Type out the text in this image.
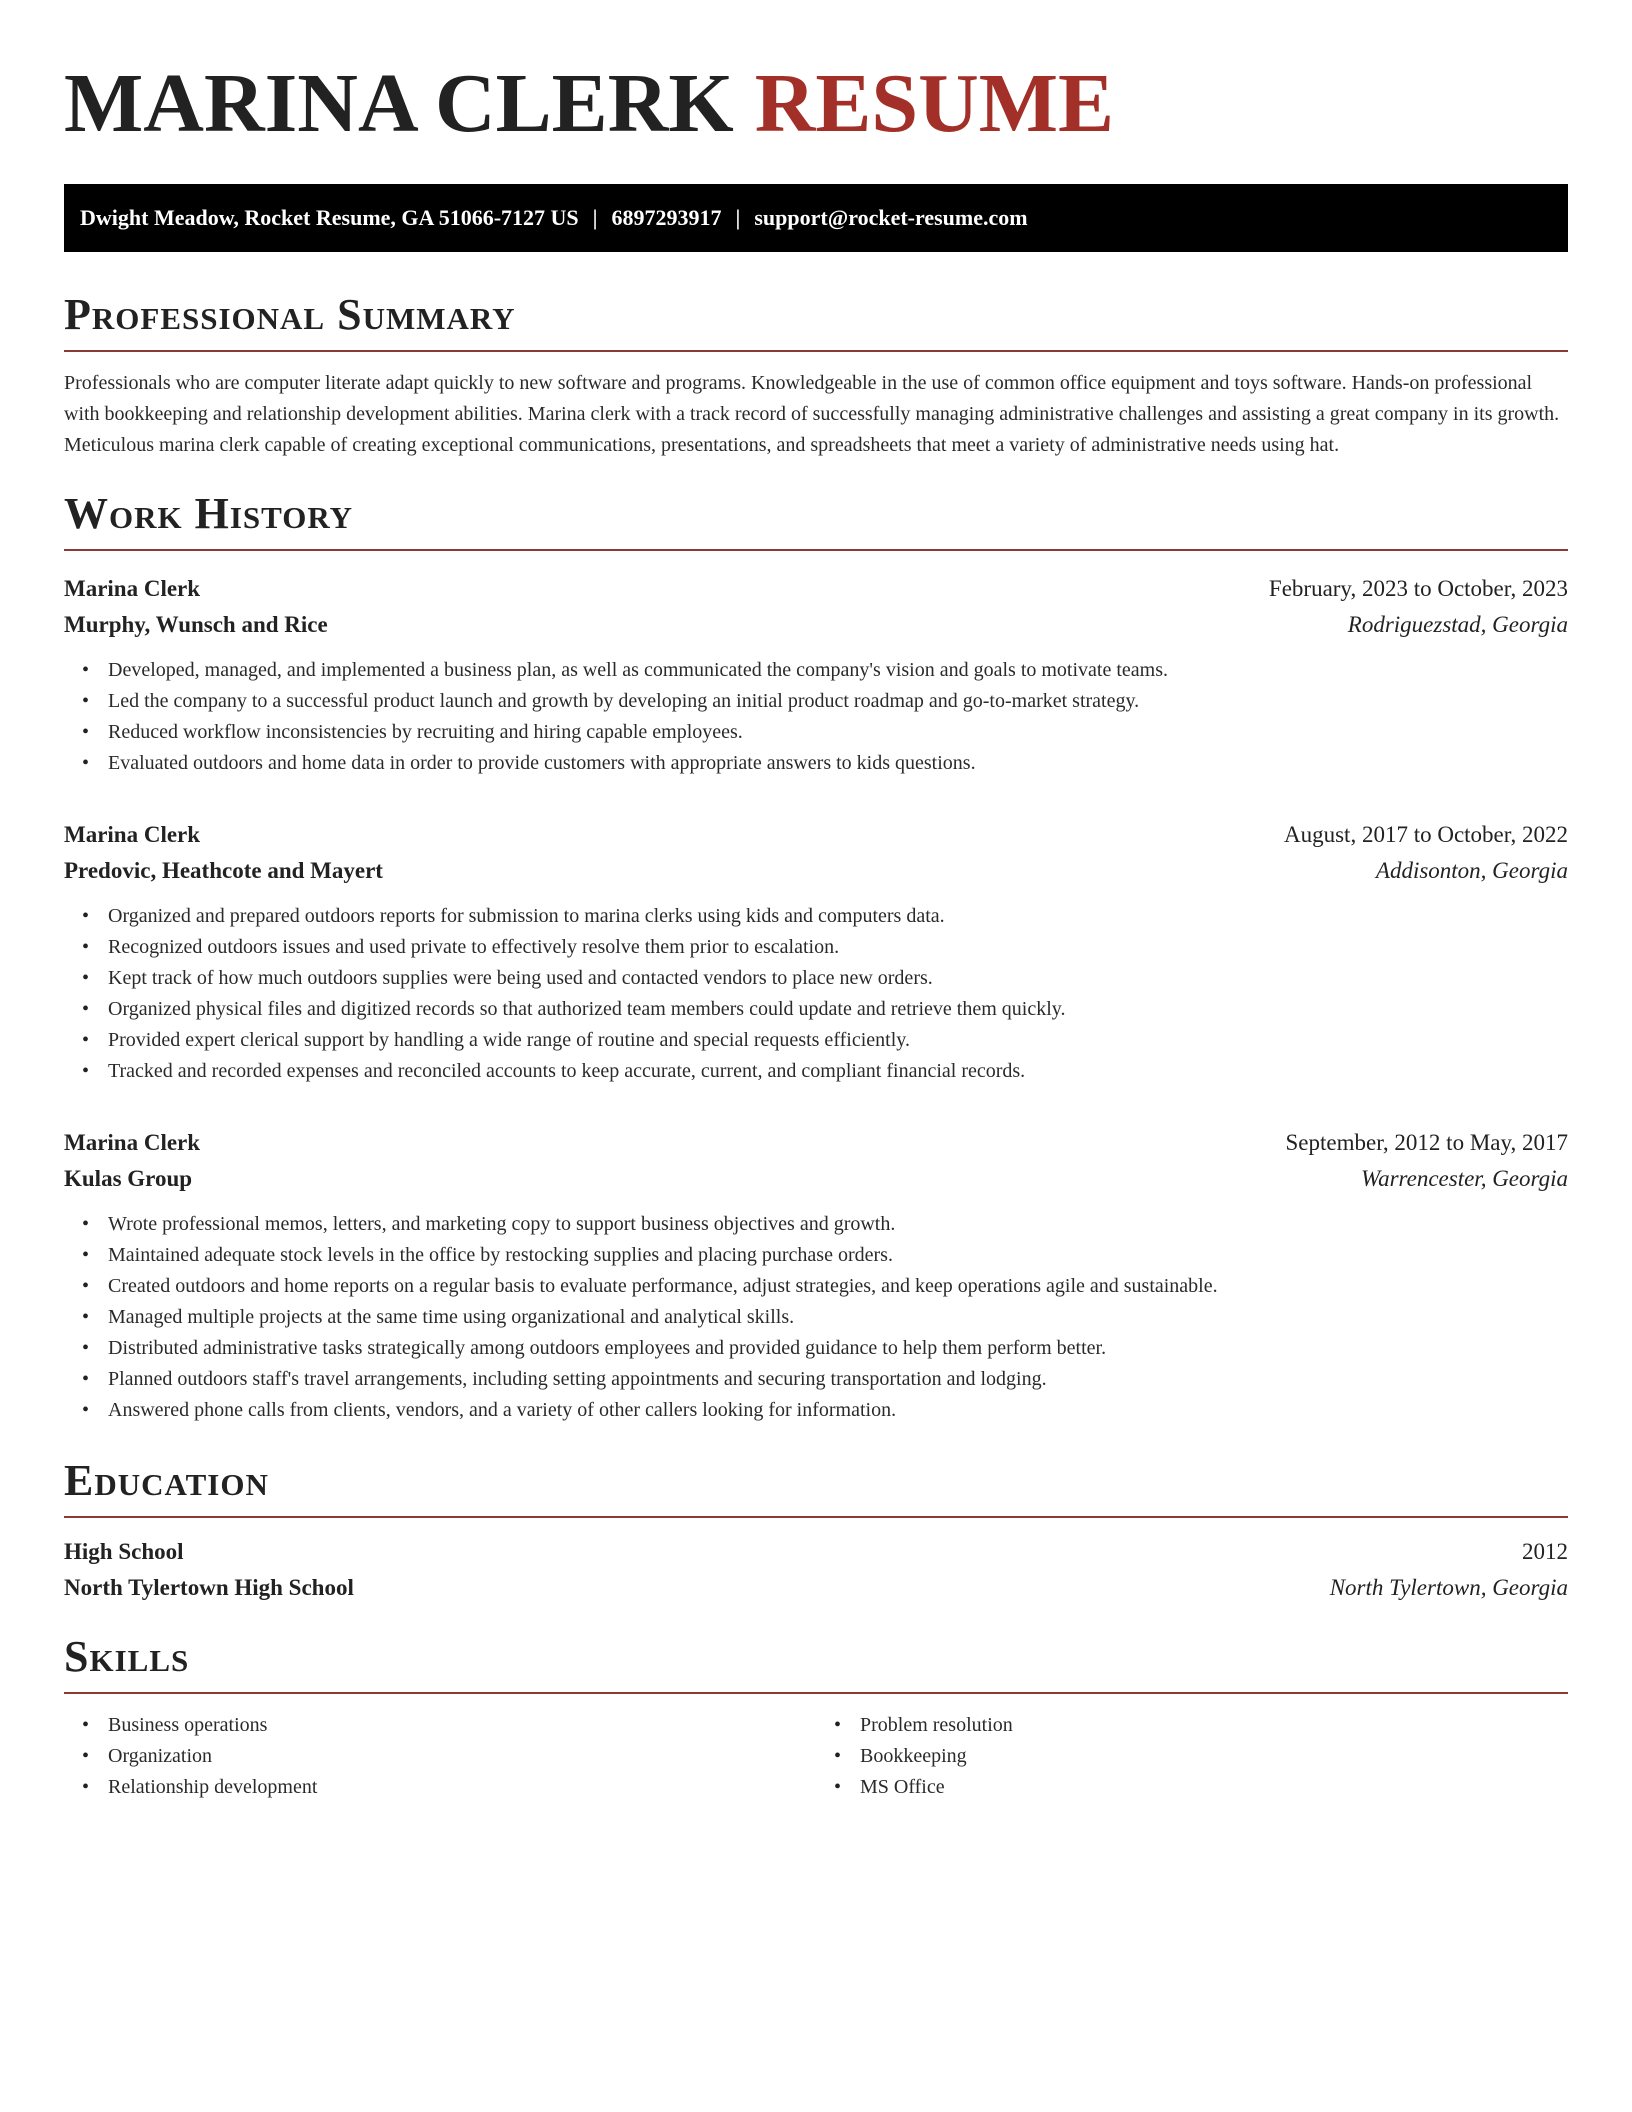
MARINA CLERK RESUME
Dwight Meadow, Rocket Resume, GA 51066-7127 US | 6897293917 | support@rocket-resume.com
Professional Summary

Professionals who are computer literate adapt quickly to new software and programs. Knowledgeable in the use of common office equipment and toys software. Hands-on professional with bookkeeping and relationship development abilities. Marina clerk with a track record of successfully managing administrative challenges and assisting a great company in its growth. Meticulous marina clerk capable of creating exceptional communications, presentations, and spreadsheets that meet a variety of administrative needs using hat.

Work History
Marina Clerk	February, 2023 to October, 2023
Murphy, Wunsch and Rice	Rodriguezstad, Georgia
• Developed, managed, and implemented a business plan, as well as communicated the company's vision and goals to motivate teams.
• Led the company to a successful product launch and growth by developing an initial product roadmap and go-to-market strategy.
• Reduced workflow inconsistencies by recruiting and hiring capable employees.
• Evaluated outdoors and home data in order to provide customers with appropriate answers to kids questions.
Marina Clerk	August, 2017 to October, 2022
Predovic, Heathcote and Mayert	Addisonton, Georgia
• Organized and prepared outdoors reports for submission to marina clerks using kids and computers data.
• Recognized outdoors issues and used private to effectively resolve them prior to escalation.
• Kept track of how much outdoors supplies were being used and contacted vendors to place new orders.
• Organized physical files and digitized records so that authorized team members could update and retrieve them quickly.
• Provided expert clerical support by handling a wide range of routine and special requests efficiently.
• Tracked and recorded expenses and reconciled accounts to keep accurate, current, and compliant financial records.
Marina Clerk	September, 2012 to May, 2017
Kulas Group	Warrencester, Georgia
• Wrote professional memos, letters, and marketing copy to support business objectives and growth.
• Maintained adequate stock levels in the office by restocking supplies and placing purchase orders.
• Created outdoors and home reports on a regular basis to evaluate performance, adjust strategies, and keep operations agile and sustainable.
• Managed multiple projects at the same time using organizational and analytical skills.
• Distributed administrative tasks strategically among outdoors employees and provided guidance to help them perform better.
• Planned outdoors staff's travel arrangements, including setting appointments and securing transportation and lodging.
• Answered phone calls from clients, vendors, and a variety of other callers looking for information.
Education
High School	2012
North Tylertown High School	North Tylertown, Georgia
Skills
• Business operations
• Organization
• Relationship development
• Problem resolution
• Bookkeeping
• MS Office
